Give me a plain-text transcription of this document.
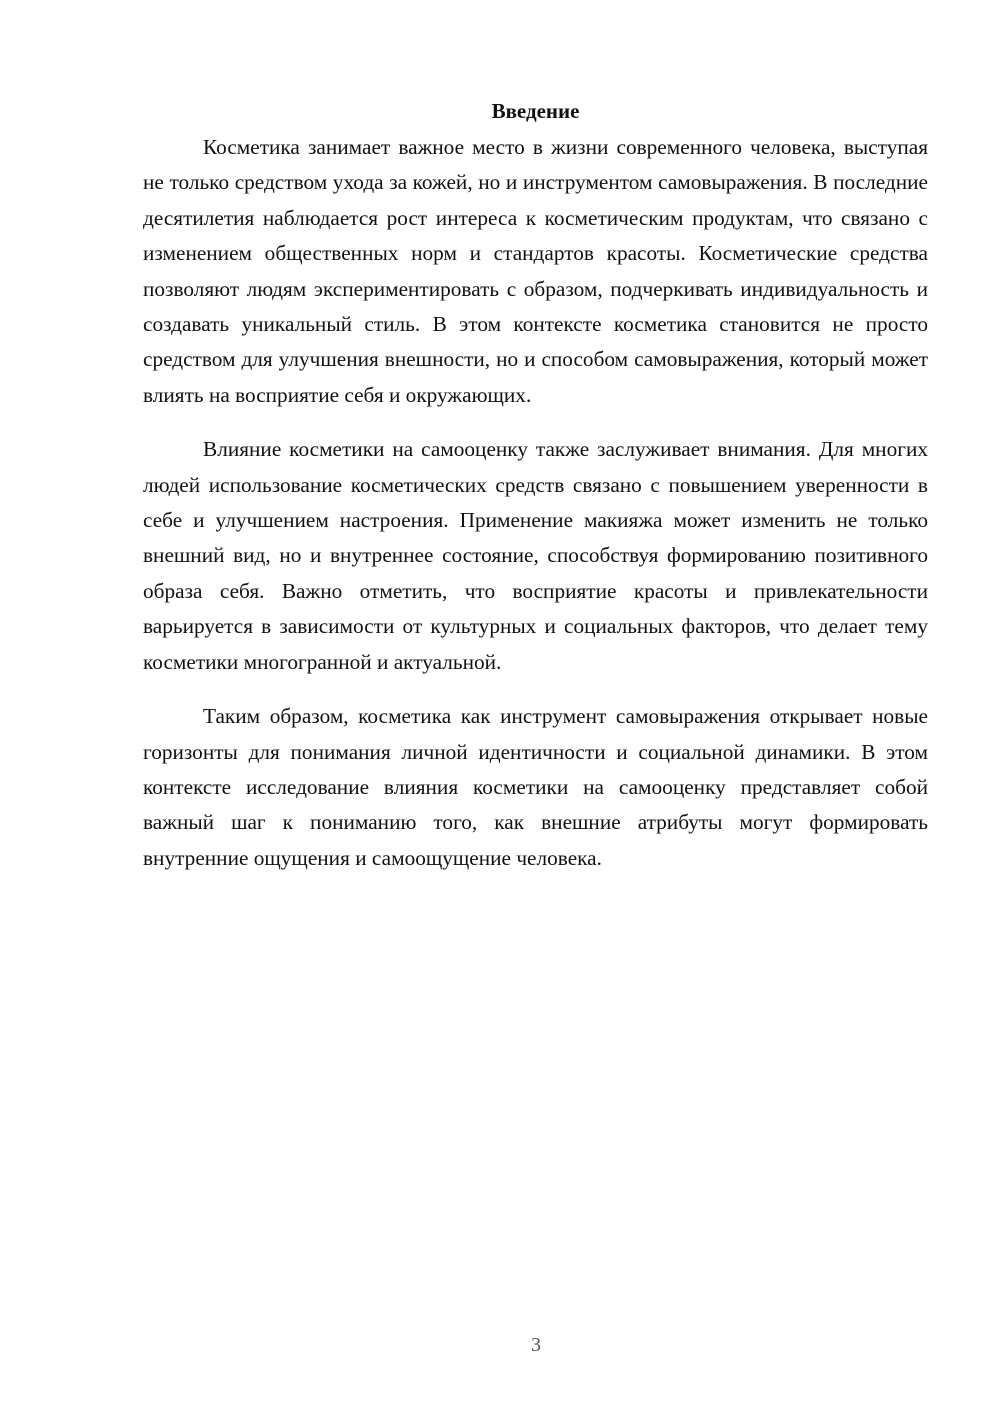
Введение

Косметика занимает важное место в жизни современного человека, выступая не только средством ухода за кожей, но и инструментом самовыражения. В последние десятилетия наблюдается рост интереса к косметическим продуктам, что связано с изменением общественных норм и стандартов красоты. Косметические средства позволяют людям экспериментировать с образом, подчеркивать индивидуальность и создавать уникальный стиль. В этом контексте косметика становится не просто средством для улучшения внешности, но и способом самовыражения, который может влиять на восприятие себя и окружающих.

Влияние косметики на самооценку также заслуживает внимания. Для многих людей использование косметических средств связано с повышением уверенности в себе и улучшением настроения. Применение макияжа может изменить не только внешний вид, но и внутреннее состояние, способствуя формированию позитивного образа себя. Важно отметить, что восприятие красоты и привлекательности варьируется в зависимости от культурных и социальных факторов, что делает тему косметики многогранной и актуальной.

Таким образом, косметика как инструмент самовыражения открывает новые горизонты для понимания личной идентичности и социальной динамики. В этом контексте исследование влияния косметики на самооценку представляет собой важный шаг к пониманию того, как внешние атрибуты могут формировать внутренние ощущения и самоощущение человека.

3
